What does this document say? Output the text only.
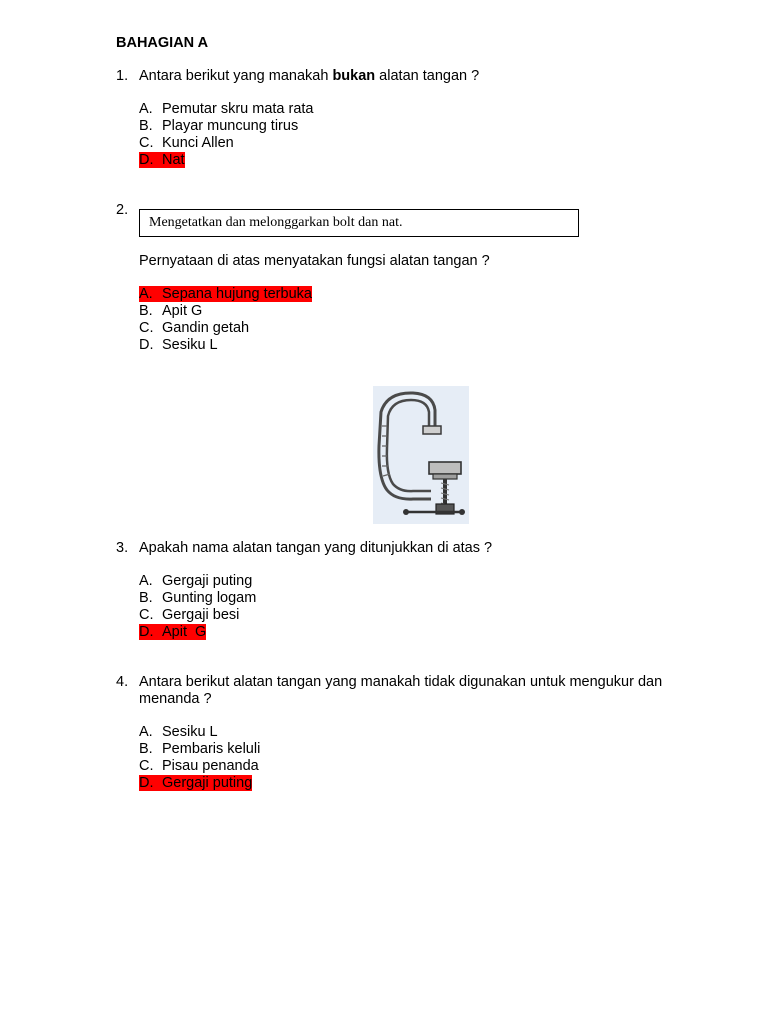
BAHAGIAN A
1. Antara berikut yang manakah bukan alatan tangan ?
A. Pemutar skru mata rata
B. Playar muncung tirus
C. Kunci Allen
D. Nat
2.
Mengetatkan dan melonggarkan bolt dan nat.
Pernyataan di atas menyatakan fungsi alatan tangan ?
A. Sepana hujung terbuka
B. Apit G
C. Gandin getah
D. Sesiku L
3. Apakah nama alatan tangan yang ditunjukkan di atas ?
A. Gergaji puting
B. Gunting logam
C. Gergaji besi
D. Apit  G
4. Antara berikut alatan tangan yang manakah tidak digunakan untuk mengukur dan
menanda ?
A. Sesiku L
B. Pembaris keluli
C. Pisau penanda
D. Gergaji puting
